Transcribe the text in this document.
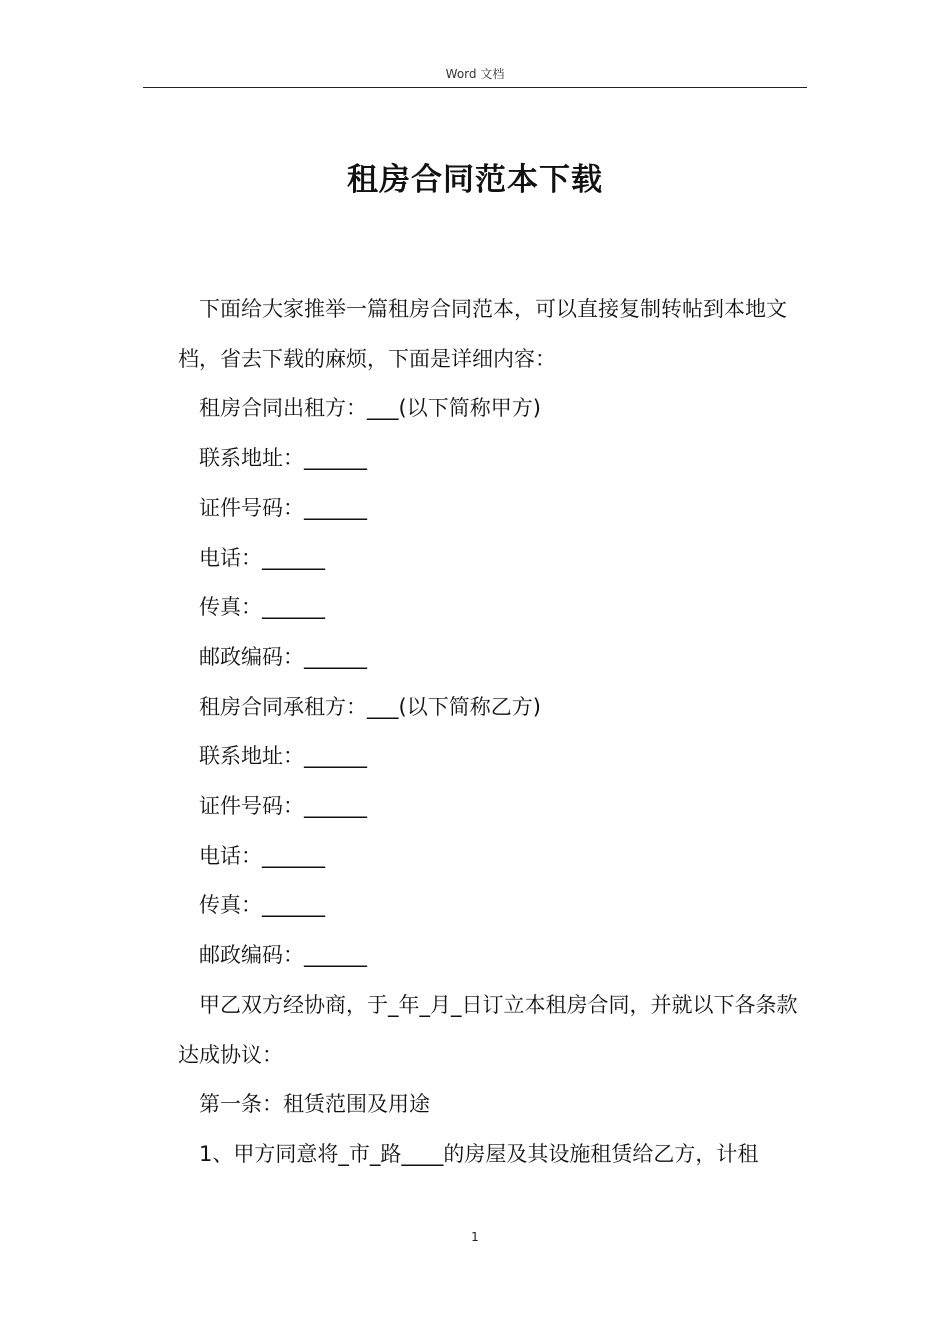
Word 文档
租房合同范本下载

下面给大家推举一篇租房合同范本，可以直接复制转帖到本地文档，省去下载的麻烦，下面是详细内容：

租房合同出租方：___(以下简称甲方)

联系地址：______

证件号码：______

电话：______

传真：______

邮政编码：______

租房合同承租方：___(以下简称乙方)

联系地址：______

证件号码：______

电话：______

传真：______

邮政编码：______

甲乙双方经协商，于_年_月_日订立本租房合同，并就以下各条款达成协议：

第一条：租赁范围及用途

1、甲方同意将_市_路____的房屋及其设施租赁给乙方，计租

1
